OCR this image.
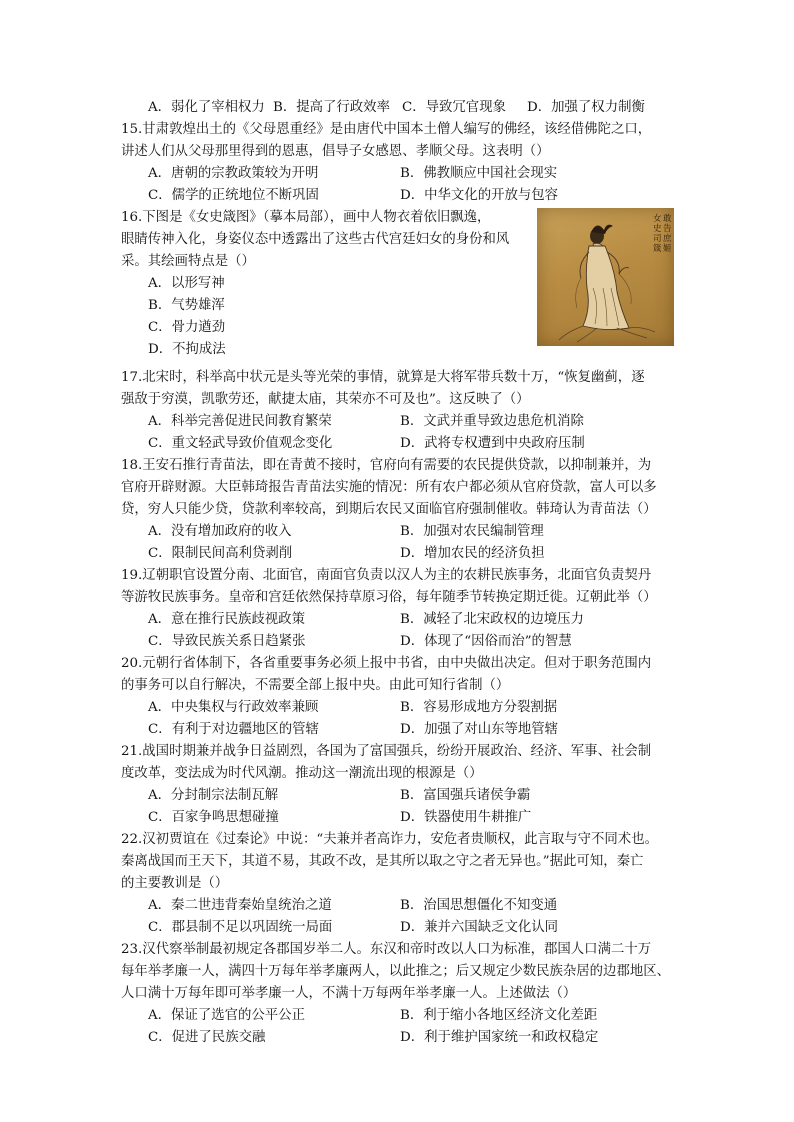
A．弱化了宰相权力 B．提高了行政效率 C．导致冗官现象 D．加强了权力制衡
15.甘肃敦煌出土的《父母恩重经》是由唐代中国本土僧人编写的佛经，该经借佛陀之口，
讲述人们从父母那里得到的恩惠，倡导子女感恩、孝顺父母。这表明（）
A．唐朝的宗教政策较为开明	B．佛教顺应中国社会现实
C．儒学的正统地位不断巩固	D．中华文化的开放与包容
16.下图是《女史箴图》（摹本局部），画中人物衣着依旧飘逸，
眼睛传神入化，身姿仪态中透露出了这些古代宫廷妇女的身份和风
采。其绘画特点是（）
A．以形写神
B．气势雄浑
C．骨力遒劲
D．不拘成法
女史司箴
敢告庶姬
17.北宋时，科举高中状元是头等光荣的事情，就算是大将军带兵数十万，“恢复幽蓟，逐
强敌于穷漠，凯歌劳还，献捷太庙，其荣亦不可及也”。这反映了（）
A．科举完善促进民间教育繁荣	B．文武并重导致边患危机消除
C．重文轻武导致价值观念变化	D．武将专权遭到中央政府压制
18.王安石推行青苗法，即在青黄不接时，官府向有需要的农民提供贷款，以抑制兼并，为
官府开辟财源。大臣韩琦报告青苗法实施的情况：所有农户都必须从官府贷款，富人可以多
贷，穷人只能少贷，贷款利率较高，到期后农民又面临官府强制催收。韩琦认为青苗法（）
A．没有增加政府的收入	B．加强对农民编制管理
C．限制民间高利贷剥削	D．增加农民的经济负担
19.辽朝职官设置分南、北面官，南面官负责以汉人为主的农耕民族事务，北面官负责契丹
等游牧民族事务。皇帝和宫廷依然保持草原习俗，每年随季节转换定期迁徙。辽朝此举（）
A．意在推行民族歧视政策	B．减轻了北宋政权的边境压力
C．导致民族关系日趋紧张	D．体现了“因俗而治”的智慧
20.元朝行省体制下，各省重要事务必须上报中书省，由中央做出决定。但对于职务范围内
的事务可以自行解决，不需要全部上报中央。由此可知行省制（）
A．中央集权与行政效率兼顾	B．容易形成地方分裂割据
C．有利于对边疆地区的管辖	D．加强了对山东等地管辖
21.战国时期兼并战争日益剧烈，各国为了富国强兵，纷纷开展政治、经济、军事、社会制
度改革，变法成为时代风潮。推动这一潮流出现的根源是（）
A．分封制宗法制瓦解	B．富国强兵诸侯争霸
C．百家争鸣思想碰撞	D．铁器使用牛耕推广
22.汉初贾谊在《过秦论》中说：“夫兼并者高诈力，安危者贵顺权，此言取与守不同术也。
秦离战国而王天下，其道不易，其政不改，是其所以取之守之者无异也。”据此可知，秦亡
的主要教训是（）
A．秦二世违背秦始皇统治之道	B．治国思想僵化不知变通
C．郡县制不足以巩固统一局面	D．兼并六国缺乏文化认同
23.汉代察举制最初规定各郡国岁举二人。东汉和帝时改以人口为标准，郡国人口满二十万
每年举孝廉一人，满四十万每年举孝廉两人，以此推之；后又规定少数民族杂居的边郡地区、
人口满十万每年即可举孝廉一人，不满十万每两年举孝廉一人。上述做法（）
A．保证了选官的公平公正	B．利于缩小各地区经济文化差距
C．促进了民族交融	D．利于维护国家统一和政权稳定
